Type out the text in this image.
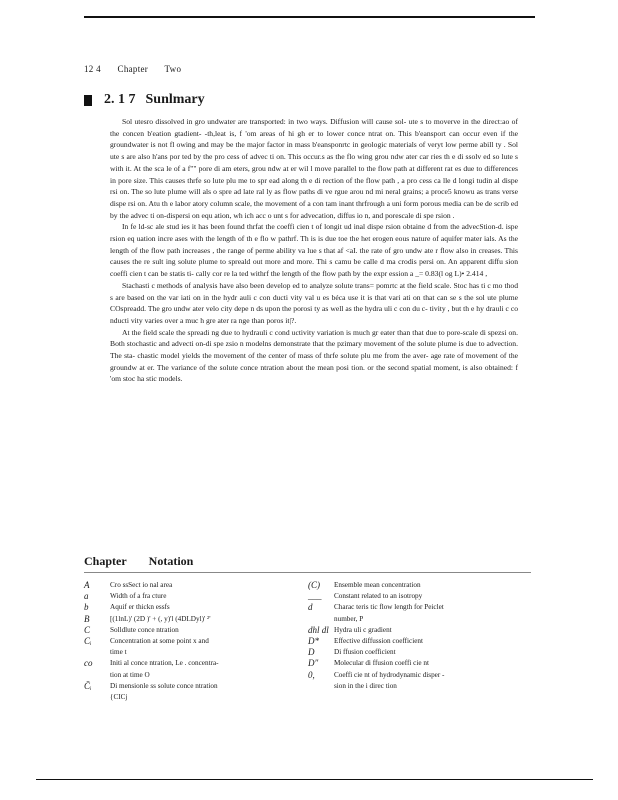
12 4 Chapter Two
2. 1 7 Sunlmary

Sol utesro dissolved in gro undwater are transported: in two ways. Diffusion will cause sol- ute s to moverve in the direct:ao of the concen b'eation gtadient- -th,leat is, f 'om areas of hi gh er to lower conce ntrat on. This b'eansport can occur even if the groundwater is not fl owing and may be the major factor in mass b'eansponrtc in geologic materials of veryt low perme abill ty . Sol ute s are also h'ans por ted by the pro cess of advec ti on. This occur.s as the flo wing grou ndw ater car ries th e di ssolv ed so lute s with it. At the sca le of a f"" pore di am eters, grou ndw at er wil l move parallel to the flow path at different rat es due to differences in pore size. This causes thrfe so lute plu me to spr ead along th e di rection of the flow path , a pro cess ca lle d longi tudin al dispe rsi on. The so lute plume will als o spre ad late ral ly as flow paths di ve rgue arou nd mi neral grains; a proce5 knowu as trans verse dispe rsi on. Atu th e labor atory column scale, the movement of a con tam inant thrfrough a uni form porous media can be de scrib ed by the advec ti on-dispersi on equ ation, wh ich acc o unt s for advecation, diffus io n, and porescale di spe rsion .

In fe ld-sc ale stud ies it has been found thrfat the coeffi cien t of longit ud inal dispe rsion obtaine d from the advecStion-d. ispe rsion eq uation incre ases with the length of th e flo w pathrf. Th is is due toe the het erogen eous nature of aquifer mater ials. As the length of the flow path increases , the range of perme ability va lue s that af <aI. the rate of gro undw ate r flow also in creases. This causes the re sult ing solute plume to spreald out more and more. Thi s camu be calle d ma crodis persi on. An apparent diffu sion coeffi cien t can be statis ti- cally cor re la ted withrf the length of the flow path by the expr ession a _= 0.83(l og L)• 2.414 ,

Stachasti c methods of analysis have also been develop ed to analyze solute trans= pomrtc at the field scale. Stoc has ti c mo thod s are based on the var iati on in the hydr auli c con ducti vity val u es béca use it is that vari ati on that can se s the sol ute plume COspreadd. The gro undw ater velo city depe n ds upon the porosi ty as well as the hydra uli c con du c- tivity , but th e hy drauli c co nducti vity varies over a muc h gre ater ra nge than poros it|?.

At the field scale the spreadi ng due to hydrauli c cond uctivity variation is much gr eater than that due to pore-scale di spezsi on. Both stochastic and advecti on-di spe zsio n modelns demonstrate that the pzimary movement of the solute plume is due to advection. The sta- chastic model yields the movement of the center of mass of thrfe solute plu me from the aver- age rate of movement of the groundw at er. The variance of the solute conce ntration about the mean posi tion. or the second spatial moment, is also obtained: f 'om stoc ha stic models.

Chapter Notation
A	Cro ssSect io nal area
a	Width of a fra cture
b	Aquif er thickn essfs
B	[(1lnL)' (2D )' + (, y)'l (4DLDyl)' ²'
C	Solldlute conce ntration
Cᵢ	Concentration at some point x and
time t
co	Initi al conce ntration, Le . concentra-
tion at time O
C̄ᵢ	Di mensionle ss solute conce ntration
{CICj
(C)	Ensemble mean concentration
___	Constant related to an isotropy
d	Charac teris tic flow length for Peiclet
number, P
dhl dl Hydra uli c gradient
D*	Effective diffussion coefficient
D	Di ffusion coefficient
D″	Molecular di ffusion coeffi cie nt
0,	Coeffi cie nt of hydrodynamic disper -
sion in the i direc tion
